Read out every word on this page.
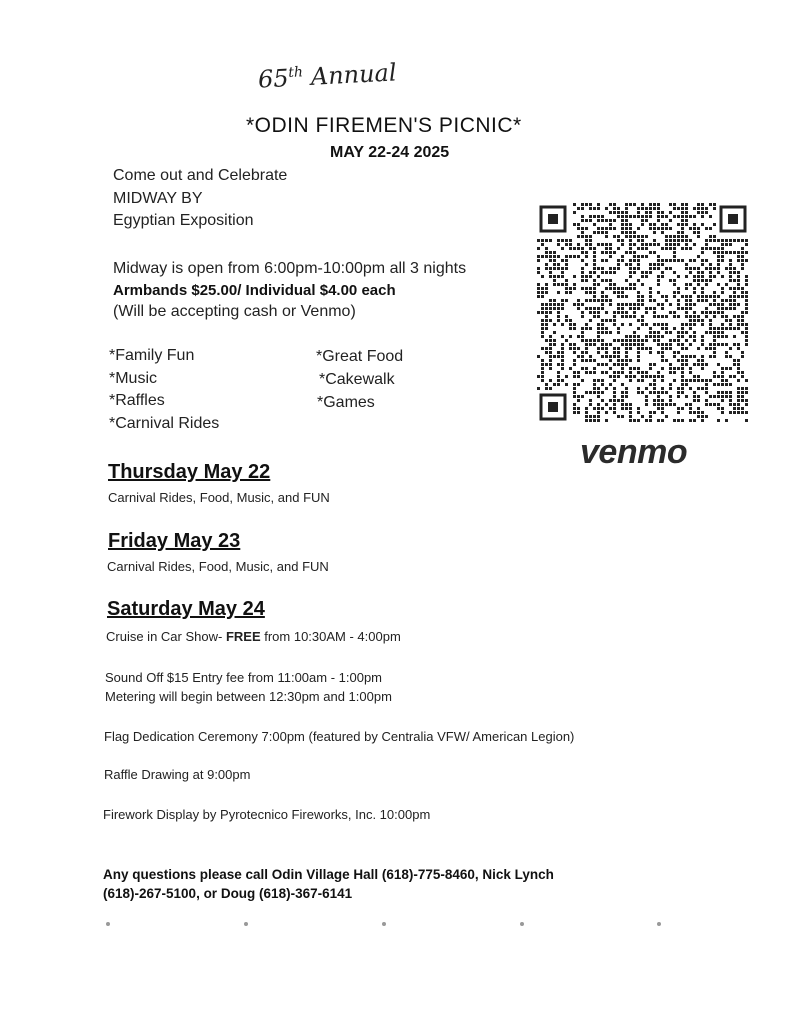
65th Annual
*ODIN FIREMEN'S PICNIC*
MAY 22-24 2025
Come out and Celebrate
MIDWAY BY
Egyptian Exposition
Midway is open from 6:00pm-10:00pm all 3 nights
Armbands $25.00/ Individual $4.00 each
(Will be accepting cash or Venmo)
*Family Fun
*Music
*Raffles
*Carnival Rides
*Great Food
*Cakewalk
*Games
venmo
Thursday May 22
Carnival Rides, Food, Music, and FUN
Friday May 23
Carnival Rides, Food, Music, and FUN
Saturday May 24
Cruise in Car Show- FREE from 10:30AM - 4:00pm
Sound Off $15 Entry fee from 11:00am - 1:00pm
Metering will begin between 12:30pm and 1:00pm
Flag Dedication Ceremony 7:00pm (featured by Centralia VFW/ American Legion)
Raffle Drawing at 9:00pm
Firework Display by Pyrotecnico Fireworks, Inc. 10:00pm
Any questions please call Odin Village Hall (618)-775-8460, Nick Lynch
(618)-267-5100, or Doug (618)-367-6141
